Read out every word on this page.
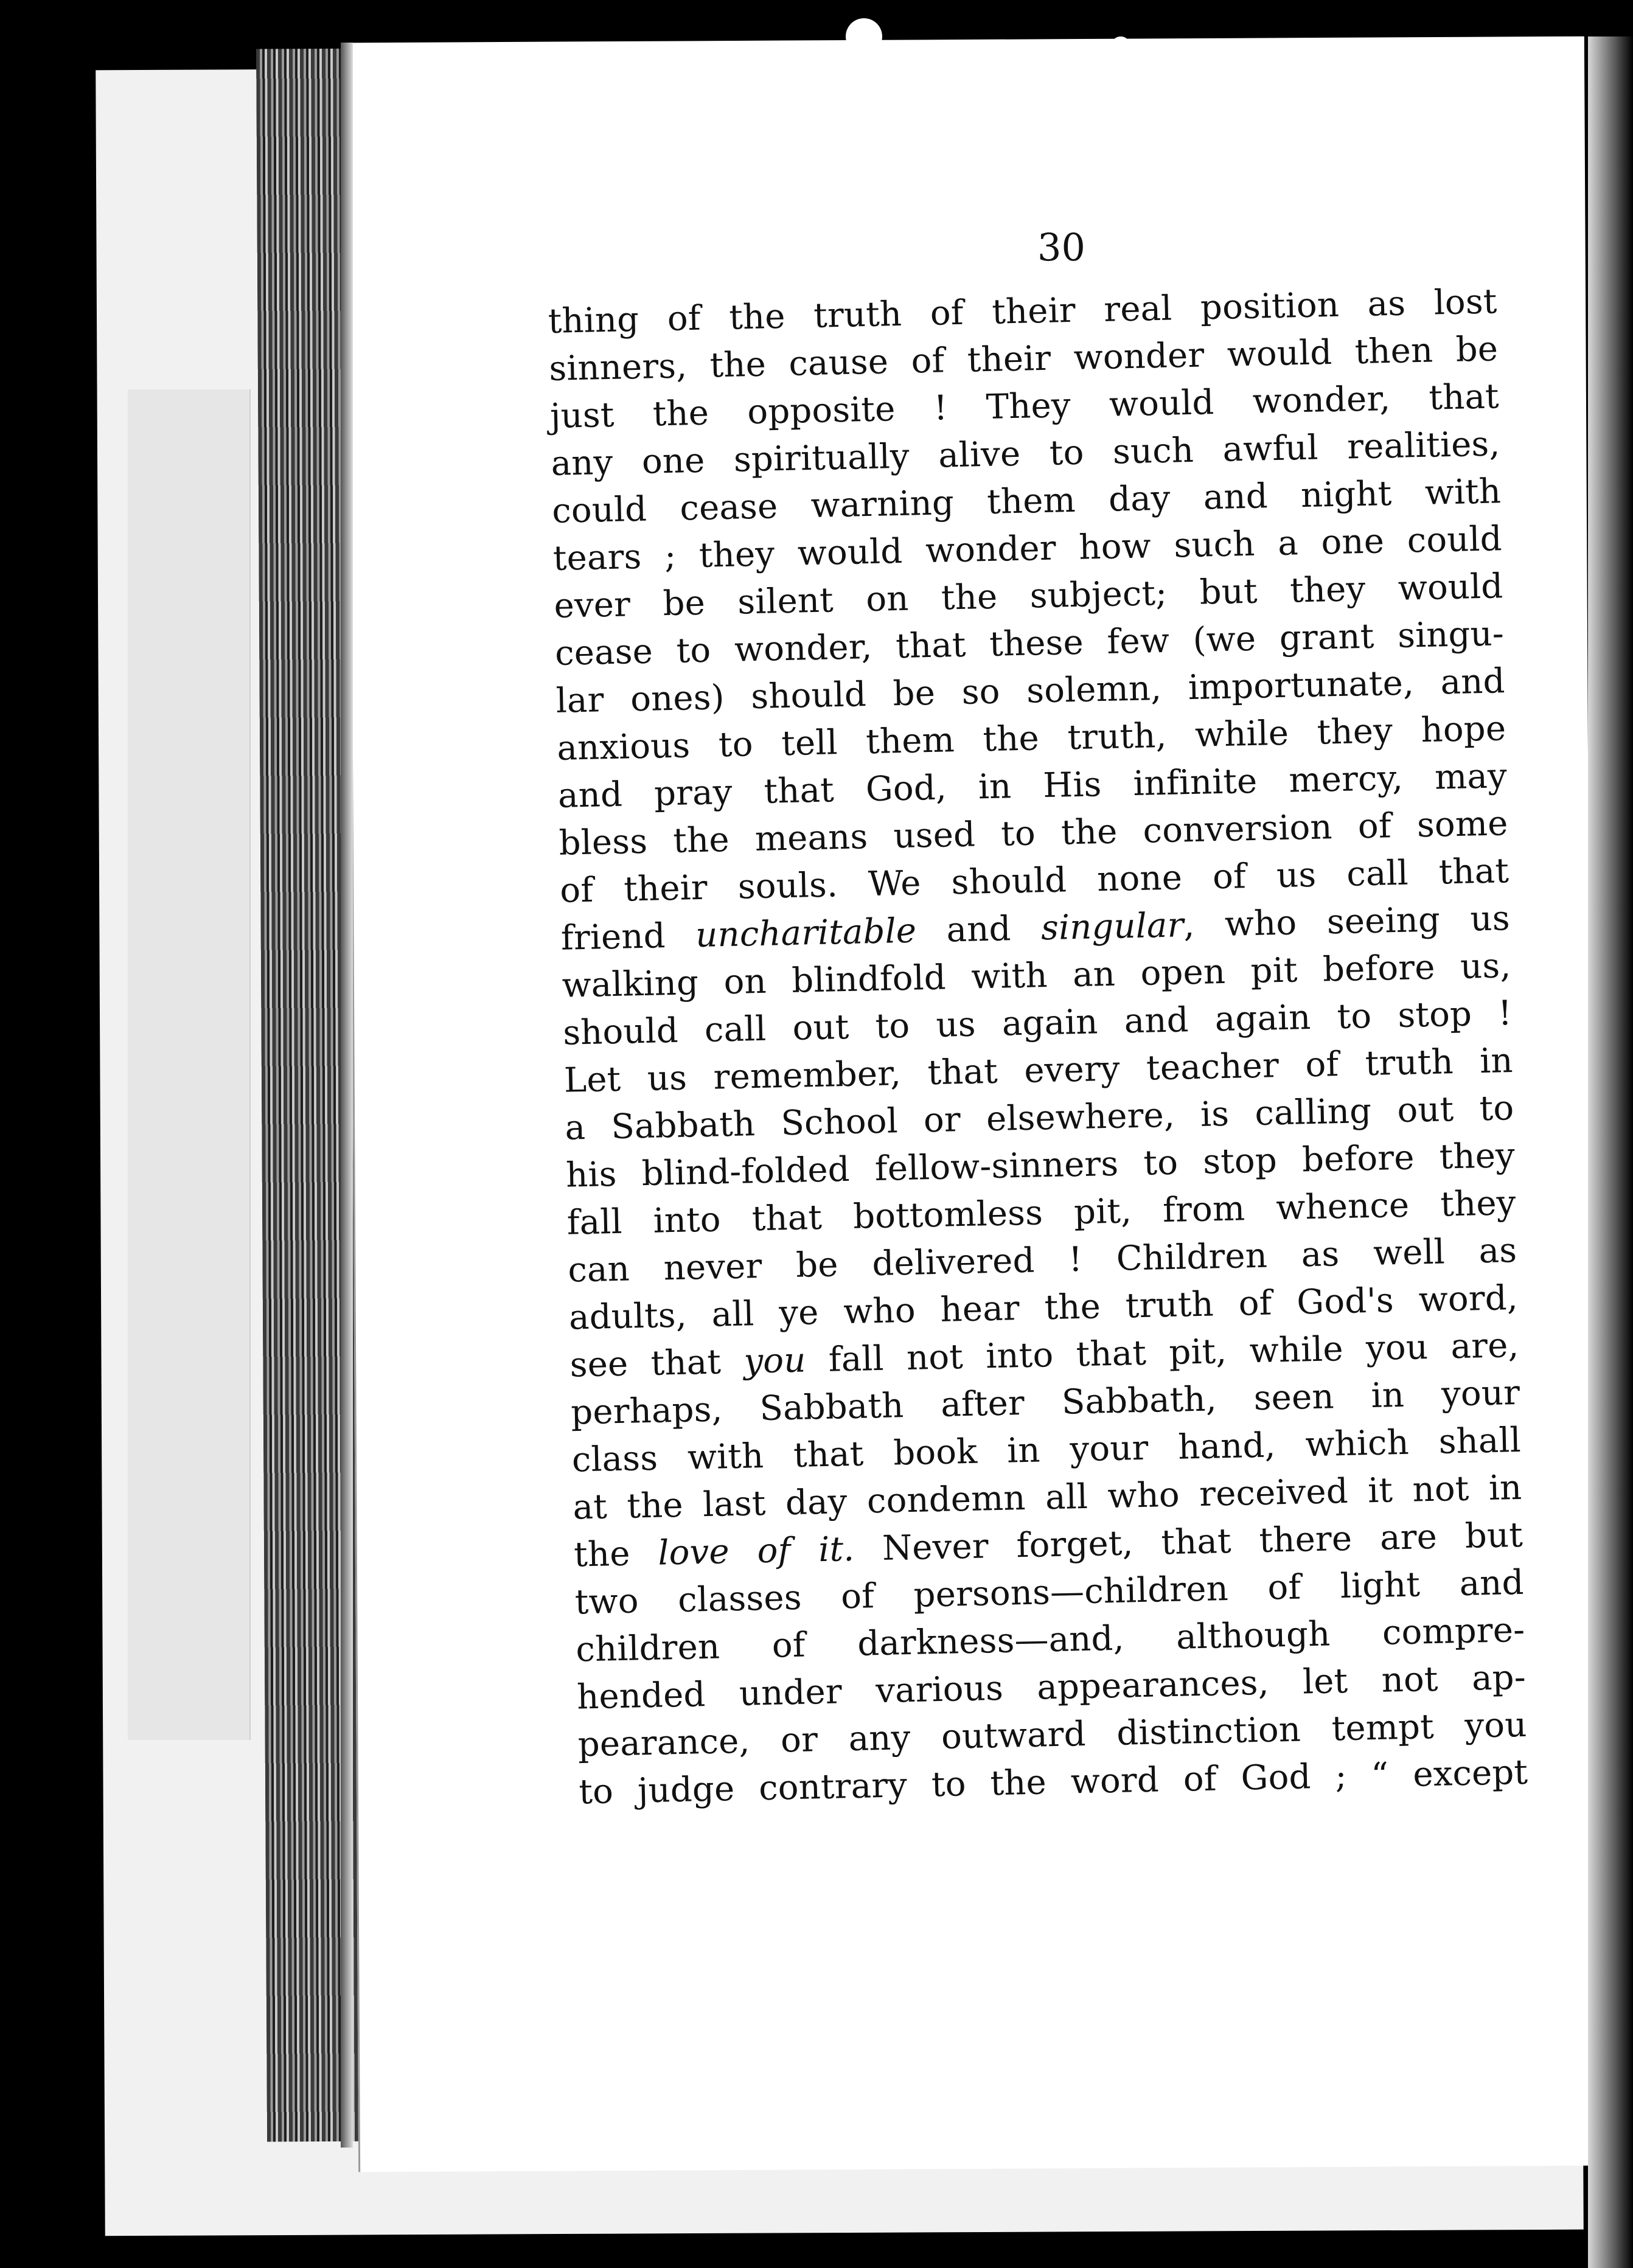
30
thing of the truth of their real position as lost
sinners, the cause of their wonder would then be
just the opposite ! They would wonder, that
any one spiritually alive to such awful realities,
could cease warning them day and night with
tears ; they would wonder how such a one could
ever be silent on the subject; but they would
cease to wonder, that these few (we grant singu-
lar ones) should be so solemn, importunate, and
anxious to tell them the truth, while they hope
and pray that God, in His infinite mercy, may
bless the means used to the conversion of some
of their souls. We should none of us call that
friend uncharitable and singular, who seeing us
walking on blindfold with an open pit before us,
should call out to us again and again to stop !
Let us remember, that every teacher of truth in
a Sabbath School or elsewhere, is calling out to
his blind-folded fellow-sinners to stop before they
fall into that bottomless pit, from whence they
can never be delivered ! Children as well as
adults, all ye who hear the truth of God's word,
see that you fall not into that pit, while you are,
perhaps, Sabbath after Sabbath, seen in your
class with that book in your hand, which shall
at the last day condemn all who received it not in
the love of it. Never forget, that there are but
two classes of persons—children of light and
children of darkness—and, although compre-
hended under various appearances, let not ap-
pearance, or any outward distinction tempt you
to judge contrary to the word of God ; “ except
